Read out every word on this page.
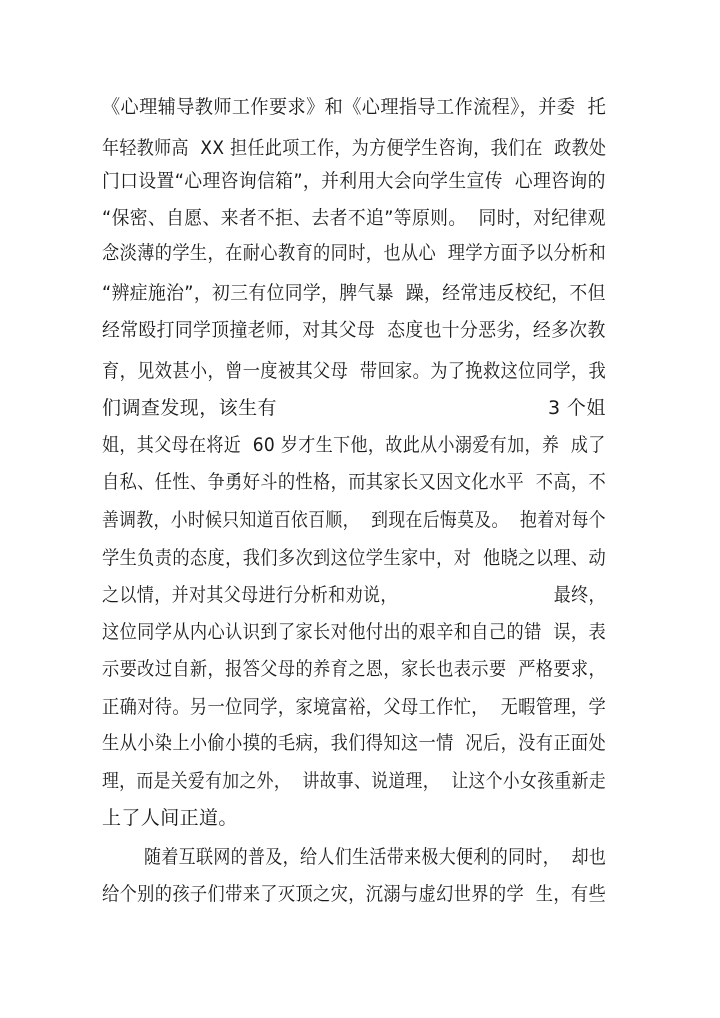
《心理辅导教师工作要求》和《心理指导工作流程》，并委  托
年轻教师高  XX 担任此项工作，为方便学生咨询，我们在  政教处
门口设置“心理咨询信箱”，并利用大会向学生宣传  心理咨询的
“保密、自愿、来者不拒、去者不追”等原则。  同时，对纪律观
念淡薄的学生，在耐心教育的同时，也从心  理学方面予以分析和
“辨症施治”，初三有位同学，脾气暴  躁，经常违反校纪，不但
经常殴打同学顶撞老师，对其父母  态度也十分恶劣，经多次教
育，见效甚小，曾一度被其父母  带回家。为了挽救这位同学，我
们调查发现，该生有                                          3 个姐
姐，其父母在将近  60 岁才生下他，故此从小溺爱有加，养  成了
自私、任性、争勇好斗的性格，而其家长又因文化水平  不高，不
善调教，小时候只知道百依百顺，  到现在后悔莫及。  抱着对每个
学生负责的态度，我们多次到这位学生家中，对  他晓之以理、动
之以情，并对其父母进行分析和劝说，                           最终，
这位同学从内心认识到了家长对他付出的艰辛和自己的错  误，表
示要改过自新，报答父母的养育之恩，家长也表示要  严格要求，
正确对待。另一位同学，家境富裕，父母工作忙，  无暇管理，学
生从小染上小偷小摸的毛病，我们得知这一情  况后，没有正面处
理，而是关爱有加之外，  讲故事、说道理，  让这个小女孩重新走
上了人间正道。
随着互联网的普及，给人们生活带来极大便利的同时，  却也
给个别的孩子们带来了灭顶之灾，沉溺与虚幻世界的学  生，有些
